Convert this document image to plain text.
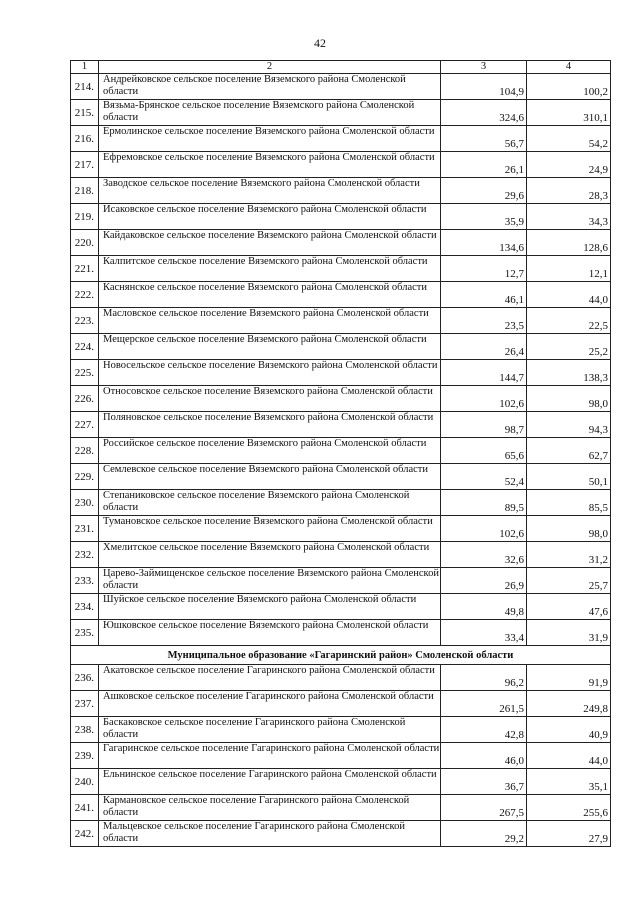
42
1	2	3	4
214.	Андрейковское сельское поселение Вяземского района Смоленской области	104,9	100,2
215.	Вязьма-Брянское сельское поселение Вяземского района Смоленской области	324,6	310,1
216.	Ермолинское сельское поселение Вяземского района Смоленской области	56,7	54,2
217.	Ефремовское сельское поселение Вяземского района Смоленской области	26,1	24,9
218.	Заводское сельское поселение Вяземского района Смоленской области	29,6	28,3
219.	Исаковское сельское поселение Вяземского района Смоленской области	35,9	34,3
220.	Кайдаковское сельское поселение Вяземского района Смоленской области	134,6	128,6
221.	Калпитское сельское поселение Вяземского района Смоленской области	12,7	12,1
222.	Каснянское сельское поселение Вяземского района Смоленской области	46,1	44,0
223.	Масловское сельское поселение Вяземского района Смоленской области	23,5	22,5
224.	Мещерское сельское поселение Вяземского района Смоленской области	26,4	25,2
225.	Новосельское сельское поселение Вяземского района Смоленской области	144,7	138,3
226.	Относовское сельское поселение Вяземского района Смоленской области	102,6	98,0
227.	Поляновское сельское поселение Вяземского района Смоленской области	98,7	94,3
228.	Российское сельское поселение Вяземского района Смоленской области	65,6	62,7
229.	Семлевское сельское поселение Вяземского района Смоленской области	52,4	50,1
230.	Степаниковское сельское поселение Вяземского района Смоленской области	89,5	85,5
231.	Тумановское сельское поселение Вяземского района Смоленской области	102,6	98,0
232.	Хмелитское сельское поселение Вяземского района Смоленской области	32,6	31,2
233.	Царево-Займищенское сельское поселение Вяземского района Смоленской области	26,9	25,7
234.	Шуйское сельское поселение Вяземского района Смоленской области	49,8	47,6
235.	Юшковское сельское поселение Вяземского района Смоленской области	33,4	31,9
Муниципальное образование «Гагаринский район» Смоленской области			
236.	Акатовское сельское поселение Гагаринского района Смоленской области	96,2	91,9
237.	Ашковское сельское поселение Гагаринского района Смоленской области	261,5	249,8
238.	Баскаковское сельское поселение Гагаринского района Смоленской области	42,8	40,9
239.	Гагаринское сельское поселение Гагаринского района Смоленской области	46,0	44,0
240.	Ельнинское сельское поселение Гагаринского района Смоленской области	36,7	35,1
241.	Кармановское сельское поселение Гагаринского района Смоленской области	267,5	255,6
242.	Мальцевское сельское поселение Гагаринского района Смоленской области	29,2	27,9
